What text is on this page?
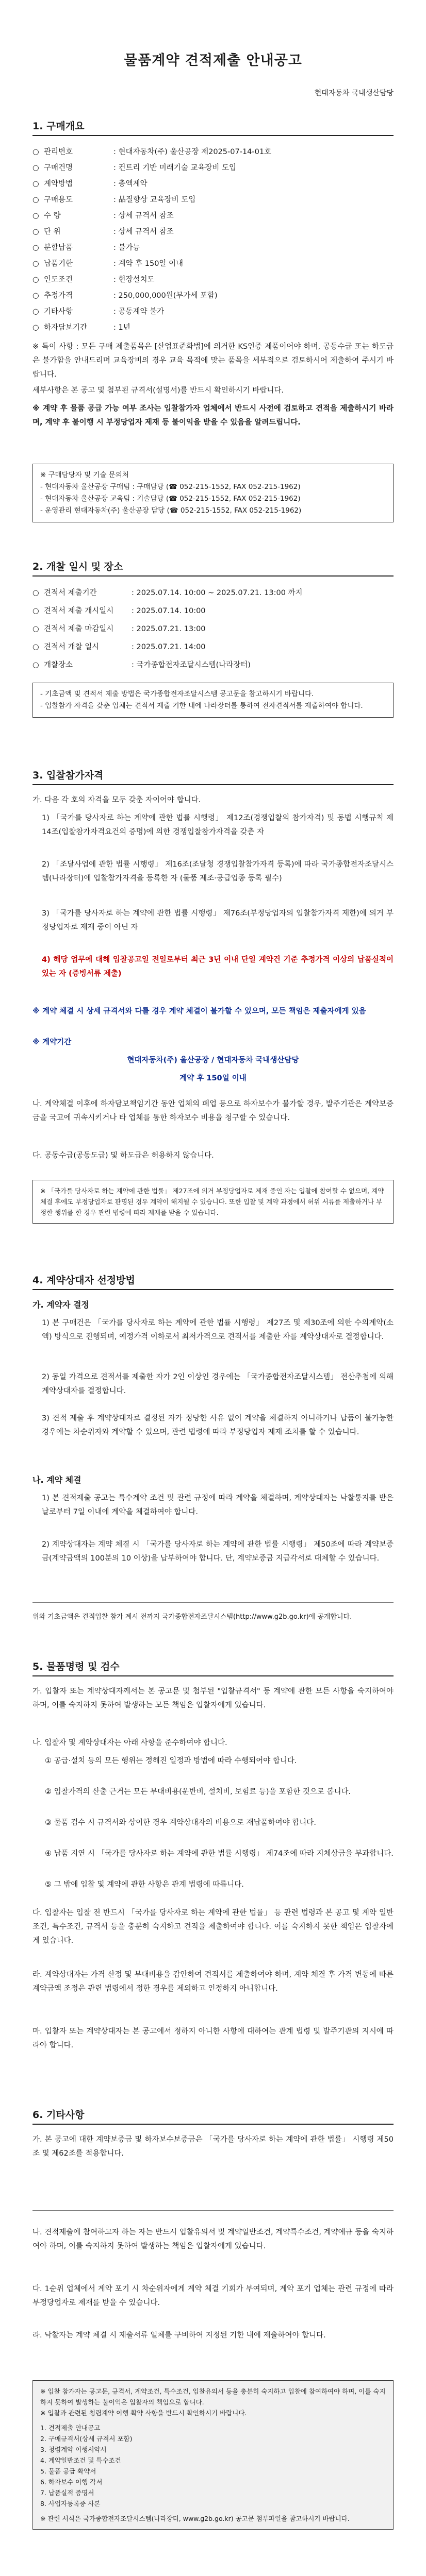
물품계약 견적제출 안내공고
현대자동차 국내생산담당
1. 구매개요
○ 관리번호	: 현대자동차(주) 울산공장 제2025-07-14-01호
○ 구매건명	: 컨트리 기반 미래기술 교육장비 도입
○ 계약방법	: 총액계약
○ 구매용도	: 品질향상 교육장비 도입
○ 수 량	: 상세 규격서 참조
○ 단 위	: 상세 규격서 참조
○ 분할납품	: 불가능
○ 납품기한	: 계약 후 150일 이내
○ 인도조건	: 현장설치도
○ 추정가격	: 250,000,000원(부가세 포함)
○ 기타사항	: 공동계약 불가
○ 하자담보기간	: 1년
※ 특이 사항 : 모든 구매 제출품목은 [산업표준화법]에 의거한 KS인증 제품이어야 하며, 공동수급 또는 하도급은 불가함을 안내드리며 교육장비의 경우 교육 목적에 맞는 품목을 세부적으로 검토하시어 제출하여 주시기 바랍니다.
세부사항은 본 공고 및 첨부된 규격서(설명서)를 반드시 확인하시기 바랍니다.
※ 계약 후 물품 공급 가능 여부 조사는 입찰참가자 업체에서 반드시 사전에 검토하고 견적을 제출하시기 바라며, 계약 후 불이행 시 부정당업자 제재 등 불이익을 받을 수 있음을 알려드립니다.
※ 구매담당자 및 기술 문의처
- 현대자동차 울산공장 구매팀 : 구매담당 (☎ 052-215-1552, FAX 052-215-1962)
- 현대자동차 울산공장 교육팀 : 기술담당 (☎ 052-215-1552, FAX 052-215-1962)
- 운영관리 현대자동차(주) 울산공장 담당 (☎ 052-215-1552, FAX 052-215-1962)
2. 개찰 일시 및 장소
○ 견적서 제출기간	: 2025.07.14. 10:00 ~ 2025.07.21. 13:00 까지
○ 견적서 제출 개시일시 : 2025.07.14. 10:00
○ 견적서 제출 마감일시 : 2025.07.21. 13:00
○ 견적서 개찰 일시	: 2025.07.21. 14:00
○ 개찰장소	: 국가종합전자조달시스템(나라장터)
- 기초금액 및 견적서 제출 방법은 국가종합전자조달시스템 공고문을 참고하시기 바랍니다.
- 입찰참가 자격을 갖춘 업체는 견적서 제출 기한 내에 나라장터를 통하여 전자견적서를 제출하여야 합니다.
3. 입찰참가자격
가. 다음 각 호의 자격을 모두 갖춘 자이어야 합니다.
1) 「국가를 당사자로 하는 계약에 관한 법률 시행령」 제12조(경쟁입찰의 참가자격) 및 동법 시행규칙 제14조(입찰참가자격요건의 증명)에 의한 경쟁입찰참가자격을 갖춘 자
2) 「조달사업에 관한 법률 시행령」 제16조(조달청 경쟁입찰참가자격 등록)에 따라 국가종합전자조달시스템(나라장터)에 입찰참가자격을 등록한 자 (물품 제조·공급업종 등록 필수)
3) 「국가를 당사자로 하는 계약에 관한 법률 시행령」 제76조(부정당업자의 입찰참가자격 제한)에 의거 부정당업자로 제재 중이 아닌 자
4) 해당 업무에 대해 입찰공고일 전일로부터 최근 3년 이내 단일 계약건 기준 추정가격 이상의 납품실적이 있는 자 (증빙서류 제출)
※ 계약 체결 시 상세 규격서와 다를 경우 계약 체결이 불가할 수 있으며, 모든 책임은 제출자에게 있음
※ 계약기간
현대자동차(주) 울산공장 / 현대자동차 국내생산담당
계약 후 150일 이내
나. 계약체결 이후에 하자담보책임기간 동안 업체의 폐업 등으로 하자보수가 불가할 경우, 발주기관은 계약보증금을 국고에 귀속시키거나 타 업체를 통한 하자보수 비용을 청구할 수 있습니다.
다. 공동수급(공동도급) 및 하도급은 허용하지 않습니다.
※ 「국가를 당사자로 하는 계약에 관한 법률」 제27조에 의거 부정당업자로 제재 중인 자는 입찰에 참여할 수 없으며, 계약 체결 후에도 부정당업자로 판명된 경우 계약이 해지될 수 있습니다. 또한 입찰 및 계약 과정에서 허위 서류를 제출하거나 부정한 행위를 한 경우 관련 법령에 따라 제재를 받을 수 있습니다.
4. 계약상대자 선정방법
가. 계약자 결정
1) 본 구매건은 「국가를 당사자로 하는 계약에 관한 법률 시행령」 제27조 및 제30조에 의한 수의계약(소액) 방식으로 진행되며, 예정가격 이하로서 최저가격으로 견적서를 제출한 자를 계약상대자로 결정합니다.
2) 동일 가격으로 견적서를 제출한 자가 2인 이상인 경우에는 「국가종합전자조달시스템」 전산추첨에 의해 계약상대자를 결정합니다.
3) 견적 제출 후 계약상대자로 결정된 자가 정당한 사유 없이 계약을 체결하지 아니하거나 납품이 불가능한 경우에는 차순위자와 계약할 수 있으며, 관련 법령에 따라 부정당업자 제재 조치를 할 수 있습니다.
나. 계약 체결
1) 본 견적제출 공고는 특수계약 조건 및 관련 규정에 따라 계약을 체결하며, 계약상대자는 낙찰통지를 받은 날로부터 7일 이내에 계약을 체결하여야 합니다.
2) 계약상대자는 계약 체결 시 「국가를 당사자로 하는 계약에 관한 법률 시행령」 제50조에 따라 계약보증금(계약금액의 100분의 10 이상)을 납부하여야 합니다. 단, 계약보증금 지급각서로 대체할 수 있습니다.
위와 기초금액은 견적입찰 참가 계시 전까지 국가종합전자조달시스템(http://www.g2b.go.kr)에 공개합니다.
5. 물품명령 및 검수
가. 입찰자 또는 계약상대자께서는 본 공고문 및 첨부된 "입찰규격서" 등 계약에 관한 모든 사항을 숙지하여야 하며, 이를 숙지하지 못하여 발생하는 모든 책임은 입찰자에게 있습니다.
나. 입찰자 및 계약상대자는 아래 사항을 준수하여야 합니다.
① 공급·설치 등의 모든 행위는 정해진 일정과 방법에 따라 수행되어야 합니다.
② 입찰가격의 산출 근거는 모든 부대비용(운반비, 설치비, 보험료 등)을 포함한 것으로 봅니다.
③ 물품 검수 시 규격서와 상이한 경우 계약상대자의 비용으로 재납품하여야 합니다.
④ 납품 지연 시 「국가를 당사자로 하는 계약에 관한 법률 시행령」 제74조에 따라 지체상금을 부과합니다.
⑤ 그 밖에 입찰 및 계약에 관한 사항은 관계 법령에 따릅니다.
다. 입찰자는 입찰 전 반드시 「국가를 당사자로 하는 계약에 관한 법률」 등 관련 법령과 본 공고 및 계약 일반조건, 특수조건, 규격서 등을 충분히 숙지하고 견적을 제출하여야 합니다. 이를 숙지하지 못한 책임은 입찰자에게 있습니다.
라. 계약상대자는 가격 산정 및 부대비용을 감안하여 견적서를 제출하여야 하며, 계약 체결 후 가격 변동에 따른 계약금액 조정은 관련 법령에서 정한 경우를 제외하고 인정하지 아니합니다.
마. 입찰자 또는 계약상대자는 본 공고에서 정하지 아니한 사항에 대하여는 관계 법령 및 발주기관의 지시에 따라야 합니다.
6. 기타사항
가. 본 공고에 대한 계약보증금 및 하자보수보증금은 「국가를 당사자로 하는 계약에 관한 법률」 시행령 제50조 및 제62조를 적용합니다.
나. 견적제출에 참여하고자 하는 자는 반드시 입찰유의서 및 계약일반조건, 계약특수조건, 계약예규 등을 숙지하여야 하며, 이를 숙지하지 못하여 발생하는 책임은 입찰자에게 있습니다.
다. 1순위 업체에서 계약 포기 시 차순위자에게 계약 체결 기회가 부여되며, 계약 포기 업체는 관련 규정에 따라 부정당업자로 제재를 받을 수 있습니다.
라. 낙찰자는 계약 체결 시 제출서류 일체를 구비하여 지정된 기한 내에 제출하여야 합니다.
※ 입찰 참가자는 공고문, 규격서, 계약조건, 특수조건, 입찰유의서 등을 충분히 숙지하고 입찰에 참여하여야 하며, 이를 숙지하지 못하여 발생하는 불이익은 입찰자의 책임으로 합니다.
※ 입찰과 관련된 청렴계약 이행 확약 사항을 반드시 확인하시기 바랍니다.
1. 견적제출 안내공고
2. 구매규격서(상세 규격서 포함)
3. 청렴계약 이행서약서
4. 계약일반조건 및 특수조건
5. 물품 공급 확약서
6. 하자보수 이행 각서
7. 납품실적 증명서
8. 사업자등록증 사본
※ 관련 서식은 국가종합전자조달시스템(나라장터, www.g2b.go.kr) 공고문 첨부파일을 참고하시기 바랍니다.
